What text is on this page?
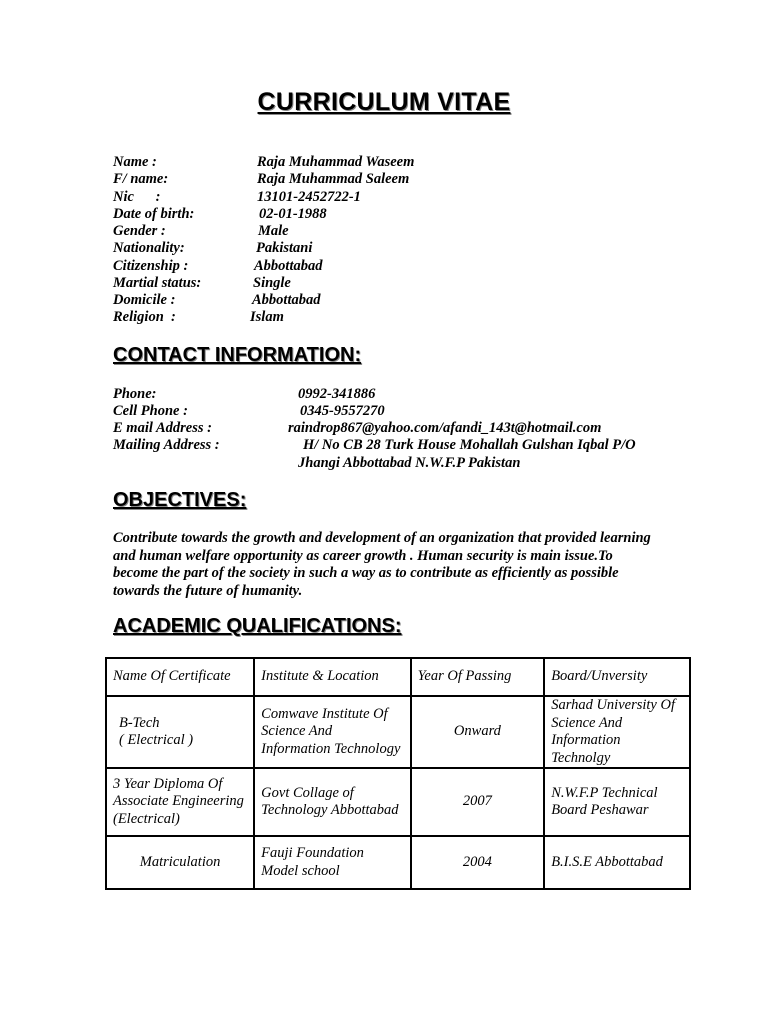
CURRICULUM VITAE
Name :	Raja Muhammad Waseem
F/ name:	Raja Muhammad Saleem
Nic      :	13101-2452722-1
Date of birth:	02-01-1988
Gender :	Male
Nationality:	Pakistani
Citizenship :	Abbottabad
Martial status:	Single
Domicile :	Abbottabad
Religion  :	Islam
CONTACT INFORMATION:
Phone:	0992-341886
Cell Phone :	0345-9557270
E mail Address :	raindrop867@yahoo.com/afandi_143t@hotmail.com
Mailing Address :	H/ No CB 28 Turk House Mohallah Gulshan Iqbal P/O
Jhangi Abbottabad N.W.F.P Pakistan
OBJECTIVES:
Contribute towards the growth and development of an organization that provided learning and human welfare opportunity as career growth . Human security is main issue.To become the part of the society in such a way as to contribute as efficiently as possible towards the future of humanity.
ACADEMIC QUALIFICATIONS:
Name Of Certificate	Institute & Location	Year Of Passing	Board/Unversity

B-Tech
( Electrical )	Comwave Institute Of Science And Information Technology	Onward	Sarhad University Of Science And Information Technolgy
3 Year Diploma Of Associate Engineering (Electrical)	Govt Collage of Technology Abbottabad	2007	N.W.F.P Technical Board Peshawar
Matriculation	Fauji Foundation Model school	2004	B.I.S.E Abbottabad
